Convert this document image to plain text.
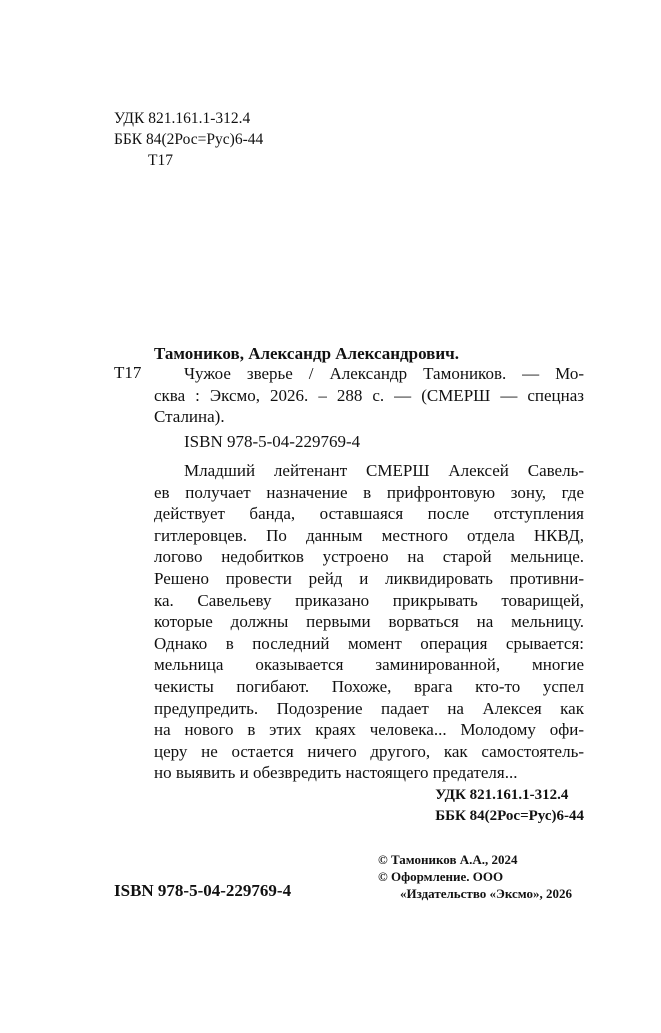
УДК 821.161.1-312.4
ББК 84(2Рос=Рус)6-44
Т17
Тамоников, Александр Александрович.
Т17	Чужое зверье / Александр Тамоников. — Мо-
сква : Эксмо, 2026. – 288 с. — (СМЕРШ — спецназ
Сталина).
ISBN 978-5-04-229769-4
Младший лейтенант СМЕРШ Алексей Савель-
ев получает назначение в прифронтовую зону, где
действует банда, оставшаяся после отступления
гитлеровцев. По данным местного отдела НКВД,
логово недобитков устроено на старой мельнице.
Решено провести рейд и ликвидировать противни-
ка. Савельеву приказано прикрывать товарищей,
которые должны первыми ворваться на мельницу.
Однако в последний момент операция срывается:
мельница оказывается заминированной, многие
чекисты погибают. Похоже, врага кто-то успел
предупредить. Подозрение падает на Алексея как
на нового в этих краях человека... Молодому офи-
церу не остается ничего другого, как самостоятель-
но выявить и обезвредить настоящего предателя...
УДК 821.161.1-312.4
ББК 84(2Рос=Рус)6-44
© Тамоников А.А., 2024
© Оформление. ООО
«Издательство «Эксмо», 2026
ISBN 978-5-04-229769-4
